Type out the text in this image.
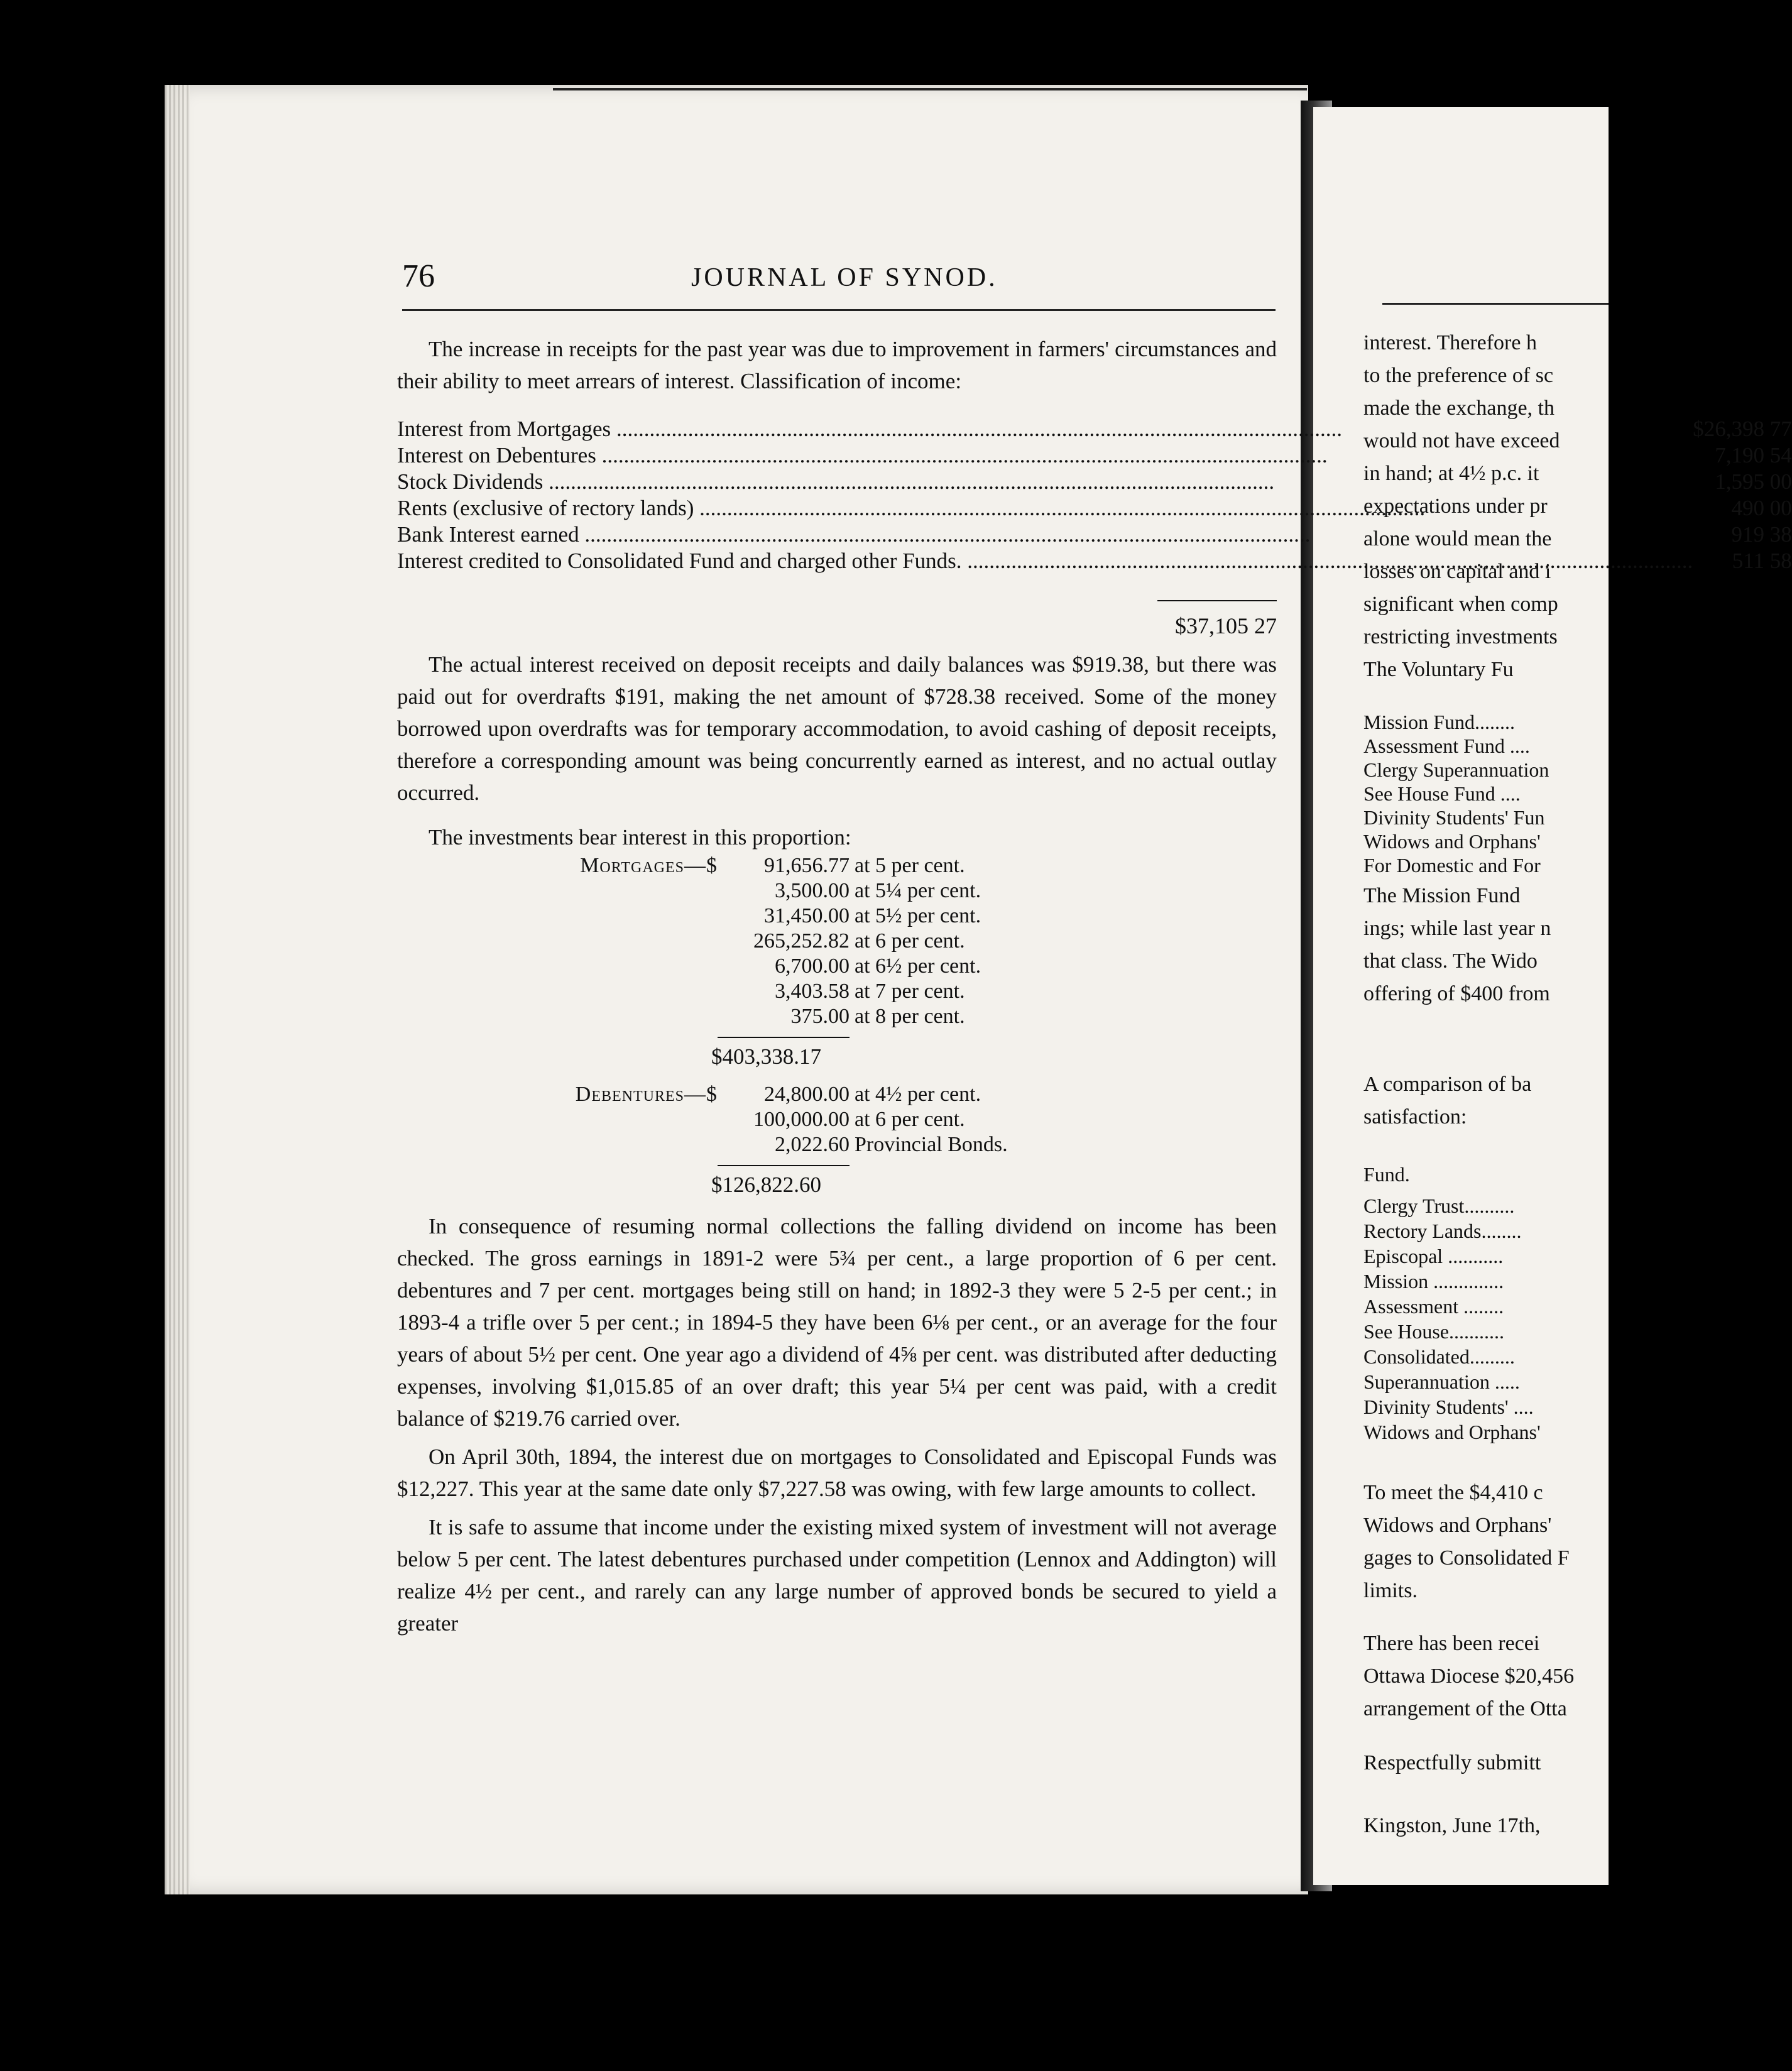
76	JOURNAL OF SYNOD.

The increase in receipts for the past year was due to improvement in farmers' circumstances and their ability to meet arrears of interest. Classification of income:

Interest from Mortgages .....	$26,398 77
Interest on Debentures .....	7,190 54
Stock Dividends .....	1,595 00
Rents (exclusive of rectory lands) .....	490 00
Bank Interest earned .....	919 38
Interest credited to Consolidated Fund and charged other Funds. .....	511 58
$37,105 27

The actual interest received on deposit receipts and daily balances was $919.38, but there was paid out for overdrafts $191, making the net amount of $728.38 received. Some of the money borrowed upon overdrafts was for temporary accommodation, to avoid cashing of deposit receipts, therefore a corresponding amount was being concurrently earned as interest, and no actual outlay occurred.

The investments bear interest in this proportion:

Mortgages—$	91,656.77 at 5 per cent.
3,500.00 at 5¼ per cent.
31,450.00 at 5½ per cent.
265,252.82 at 6 per cent.
6,700.00 at 6½ per cent.
3,403.58 at 7 per cent.
375.00 at 8 per cent.
$403,338.17
Debentures—$	24,800.00 at 4½ per cent.
100,000.00 at 6 per cent.
2,022.60 Provincial Bonds.
$126,822.60

In consequence of resuming normal collections the falling dividend on income has been checked. The gross earnings in 1891-2 were 5¾ per cent., a large proportion of 6 per cent. debentures and 7 per cent. mortgages being still on hand; in 1892-3 they were 5 2-5 per cent.; in 1893-4 a trifle over 5 per cent.; in 1894-5 they have been 6⅛ per cent., or an average for the four years of about 5½ per cent. One year ago a dividend of 4⅝ per cent. was distributed after deducting expenses, involving $1,015.85 of an over draft; this year 5¼ per cent was paid, with a credit balance of $219.76 carried over.

On April 30th, 1894, the interest due on mortgages to Consolidated and Episcopal Funds was $12,227. This year at the same date only $7,227.58 was owing, with few large amounts to collect.

It is safe to assume that income under the existing mixed system of investment will not average below 5 per cent. The latest debentures purchased under competition (Lennox and Addington) will realize 4½ per cent., and rarely can any large number of approved bonds be secured to yield a greater

interest. Therefore h
to the preference of sc
made the exchange, th
would not have exceed
in hand; at 4½ p.c. it
expectations under pr
alone would mean the
losses on capital and i
significant when comp
restricting investments
The Voluntary Fu
Mission Fund........
Assessment Fund ....
Clergy Superannuation
See House Fund ....
Divinity Students' Fun
Widows and Orphans'
For Domestic and For
The Mission Fund
ings; while last year n
that class. The Wido
offering of $400 from
A comparison of ba
satisfaction:
Fund.
Clergy Trust..........
Rectory Lands........
Episcopal ...........
Mission ..............
Assessment ........
See House...........
Consolidated.........
Superannuation .....
Divinity Students' ....
Widows and Orphans'
To meet the $4,410 c
Widows and Orphans'
gages to Consolidated F
limits.
There has been recei
Ottawa Diocese $20,456
arrangement of the Otta
Respectfully submitt
Kingston, June 17th,
